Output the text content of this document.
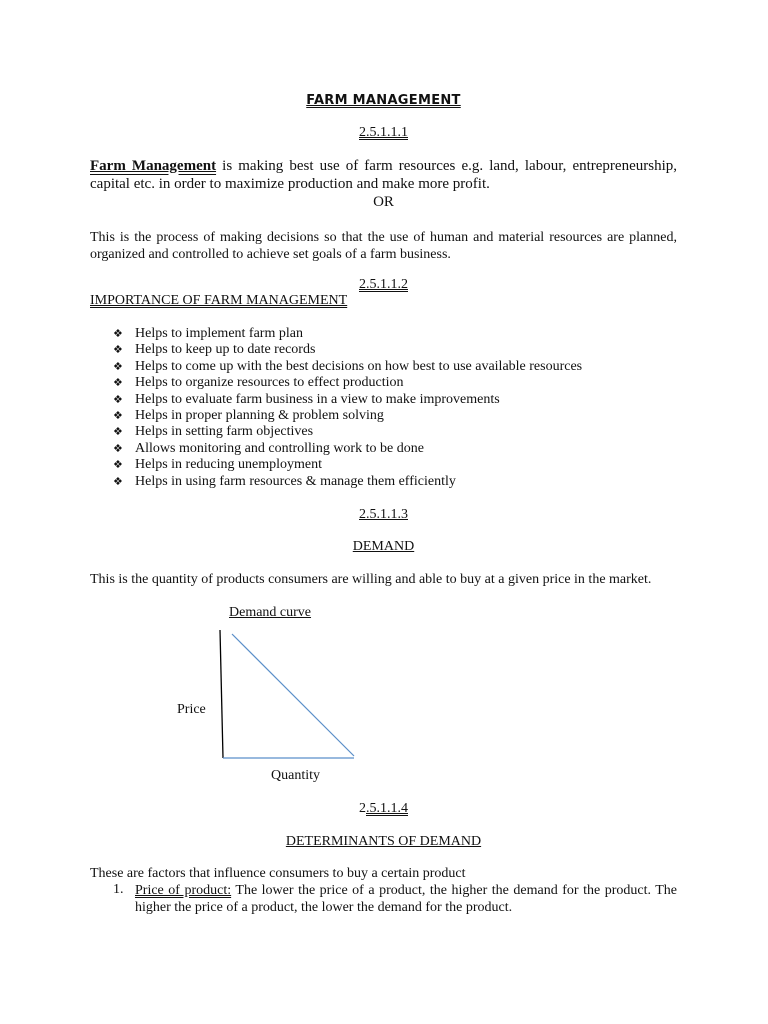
FARM MANAGEMENT
2.5.1.1.1
Farm Management is making best use of farm resources e.g. land, labour, entrepreneurship, capital etc. in order to maximize production and make more profit.
OR
This is the process of making decisions so that the use of human and material resources are planned, organized and controlled to achieve set goals of a farm business.
2.5.1.1.2
IMPORTANCE OF FARM MANAGEMENT
❖ Helps to implement farm plan
❖ Helps to keep up to date records
❖ Helps to come up with the best decisions on how best to use available resources
❖ Helps to organize resources to effect production
❖ Helps to evaluate farm business in a view to make improvements
❖ Helps in proper planning & problem solving
❖ Helps in setting farm objectives
❖ Allows monitoring and controlling work to be done
❖ Helps in reducing unemployment
❖ Helps in using farm resources & manage them efficiently
2.5.1.1.3
DEMAND
This is the quantity of products consumers are willing and able to buy at a given price in the market.
Demand curve
Price
Quantity
2.5.1.1.4
DETERMINANTS OF DEMAND
These are factors that influence consumers to buy a certain product
1. Price of product: The lower the price of a product, the higher the demand for the product. The higher the price of a product, the lower the demand for the product.
